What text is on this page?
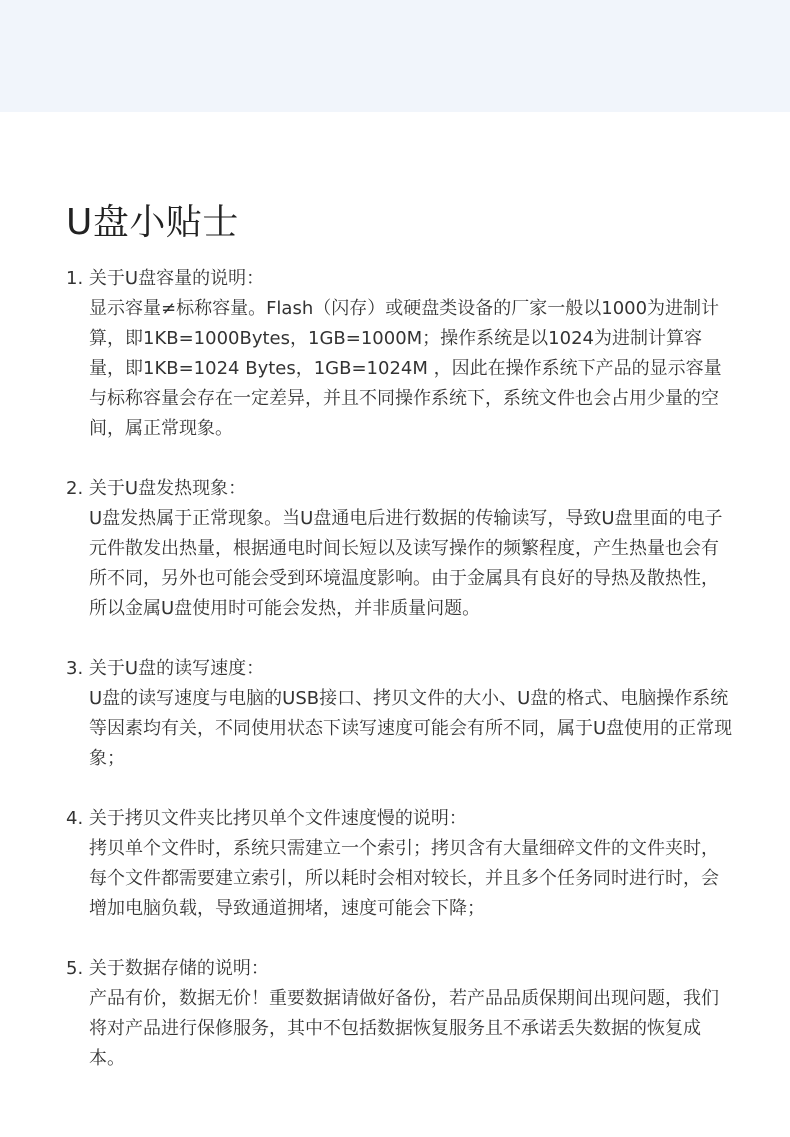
U盘小贴士
1. 关于U盘容量的说明：
显示容量≠标称容量。Flash（闪存）或硬盘类设备的厂家一般以1000为进制计算，即1KB=1000Bytes，1GB=1000M；操作系统是以1024为进制计算容量，即1KB=1024 Bytes，1GB=1024M ，因此在操作系统下产品的显示容量与标称容量会存在一定差异，并且不同操作系统下，系统文件也会占用少量的空间，属正常现象。
2. 关于U盘发热现象：
U盘发热属于正常现象。当U盘通电后进行数据的传输读写，导致U盘里面的电子元件散发出热量，根据通电时间长短以及读写操作的频繁程度，产生热量也会有所不同，另外也可能会受到环境温度影响。由于金属具有良好的导热及散热性， 所以金属U盘使用时可能会发热，并非质量问题。
3. 关于U盘的读写速度：
U盘的读写速度与电脑的USB接口、拷贝文件的大小、U盘的格式、电脑操作系统等因素均有关，不同使用状态下读写速度可能会有所不同，属于U盘使用的正常现象；
4. 关于拷贝文件夹比拷贝单个文件速度慢的说明：
拷贝单个文件时，系统只需建立一个索引；拷贝含有大量细碎文件的文件夹时，每个文件都需要建立索引，所以耗时会相对较长，并且多个任务同时进行时，会增加电脑负载，导致通道拥堵，速度可能会下降；
5. 关于数据存储的说明：
产品有价，数据无价！重要数据请做好备份，若产品品质保期间出现问题，我们将对产品进行保修服务，其中不包括数据恢复服务且不承诺丢失数据的恢复成本。
